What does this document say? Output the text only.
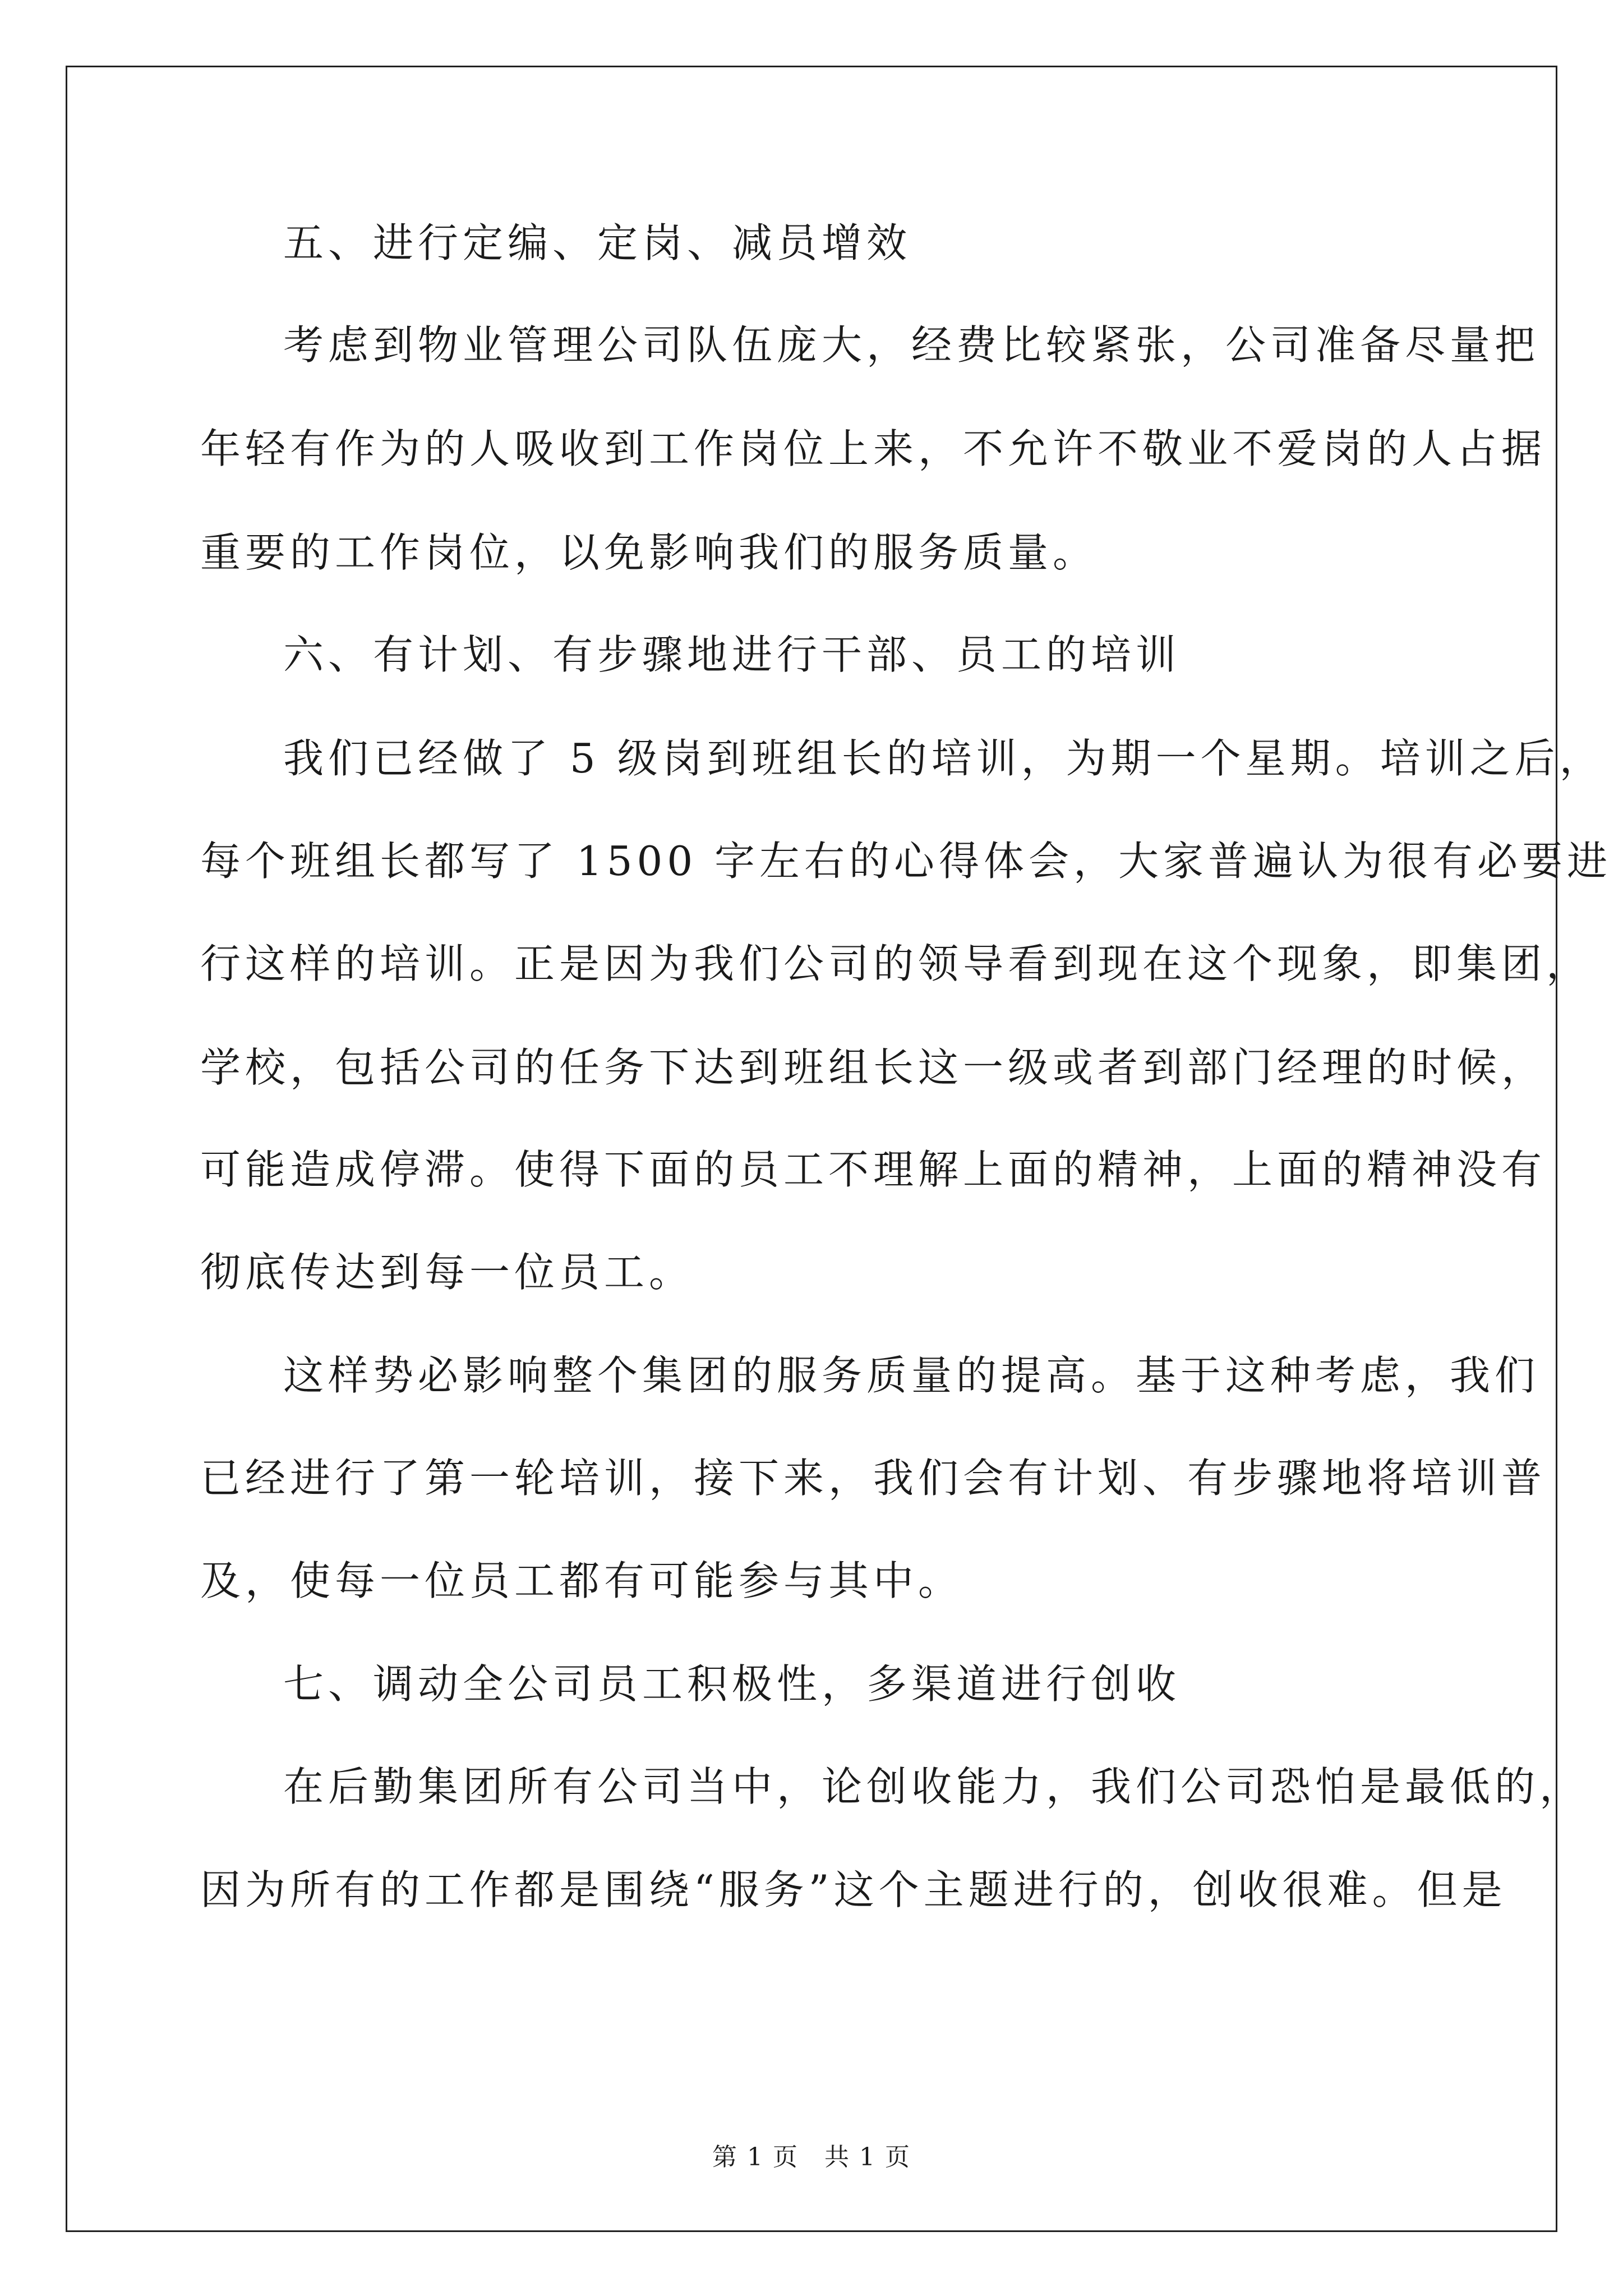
五、进行定编、定岗、减员增效
考虑到物业管理公司队伍庞大，经费比较紧张，公司准备尽量把
年轻有作为的人吸收到工作岗位上来，不允许不敬业不爱岗的人占据
重要的工作岗位，以免影响我们的服务质量。
六、有计划、有步骤地进行干部、员工的培训
我们已经做了 5 级岗到班组长的培训，为期一个星期。培训之后，
每个班组长都写了 1500 字左右的心得体会，大家普遍认为很有必要进
行这样的培训。正是因为我们公司的领导看到现在这个现象，即集团，
学校，包括公司的任务下达到班组长这一级或者到部门经理的时候，
可能造成停滞。使得下面的员工不理解上面的精神，上面的精神没有
彻底传达到每一位员工。
这样势必影响整个集团的服务质量的提高。基于这种考虑，我们
已经进行了第一轮培训，接下来，我们会有计划、有步骤地将培训普
及，使每一位员工都有可能参与其中。
七、调动全公司员工积极性，多渠道进行创收
在后勤集团所有公司当中，论创收能力，我们公司恐怕是最低的，
因为所有的工作都是围绕“服务”这个主题进行的，创收很难。但是
第 1 页　共 1 页
